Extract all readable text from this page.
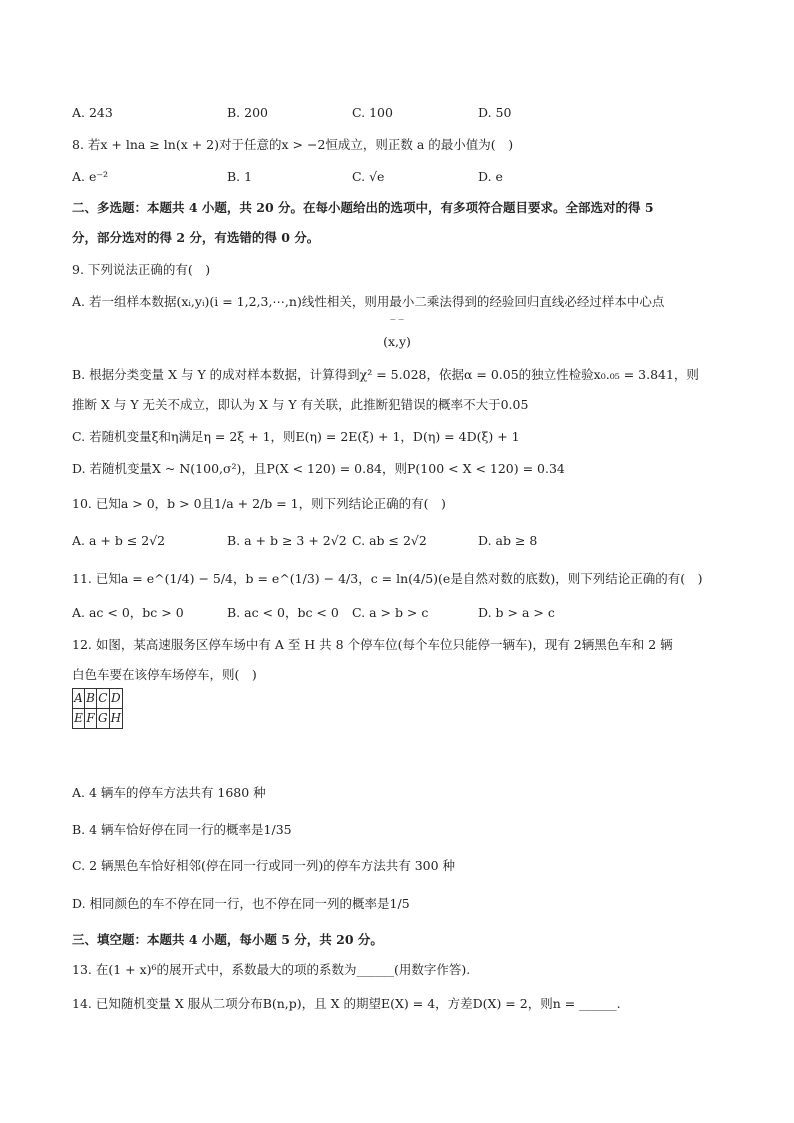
A. 243	B. 200	C. 100	D. 50
8. 若x + lna ≥ ln(x + 2)对于任意的x > −2恒成立，则正数 a 的最小值为(　)
A. e⁻²	B. 1	C. √e	D. e
二、多选题：本题共 4 小题，共 20 分。在每小题给出的选项中，有多项符合题目要求。全部选对的得 5
分，部分选对的得 2 分，有选错的得 0 分。
9. 下列说法正确的有(　)
A. 若一组样本数据(xᵢ,yᵢ)(i = 1,2,3,⋯,n)线性相关，则用最小二乘法得到的经验回归直线必经过样本中心点
‾ ‾
(x,y)
B. 根据分类变量 X 与 Y 的成对样本数据，计算得到χ² = 5.028，依据α = 0.05的独立性检验x₀.₀₅ = 3.841，则
推断 X 与 Y 无关不成立，即认为 X 与 Y 有关联，此推断犯错误的概率不大于0.05
C. 若随机变量ξ和η满足η = 2ξ + 1，则E(η) = 2E(ξ) + 1，D(η) = 4D(ξ) + 1
D. 若随机变量X ~ N(100,σ²)，且P(X < 120) = 0.84，则P(100 < X < 120) = 0.34
10. 已知a > 0，b > 0且1/a + 2/b = 1，则下列结论正确的有(　)
A. a + b ≤ 2√2	B. a + b ≥ 3 + 2√2 C. ab ≤ 2√2	D. ab ≥ 8
11. 已知a = e^(1/4) − 5/4，b = e^(1/3) − 4/3，c = ln(4/5)(e是自然对数的底数)，则下列结论正确的有(　)
A. ac < 0，bc > 0	B. ac < 0，bc < 0 C. a > b > c	D. b > a > c
12. 如图，某高速服务区停车场中有 A 至 H 共 8 个停车位(每个车位只能停一辆车)，现有 2辆黑色车和 2 辆
白色车要在该停车场停车，则(　)
A	B	C	D
E	F	G	H
A. 4 辆车的停车方法共有 1680 种
B. 4 辆车恰好停在同一行的概率是1/35
C. 2 辆黑色车恰好相邻(停在同一行或同一列)的停车方法共有 300 种
D. 相同颜色的车不停在同一行，也不停在同一列的概率是1/5
三、填空题：本题共 4 小题，每小题 5 分，共 20 分。
13. 在(1 + x)⁶的展开式中，系数最大的项的系数为______(用数字作答).
14. 已知随机变量 X 服从二项分布B(n,p)，且 X 的期望E(X) = 4，方差D(X) = 2，则n = ______.
